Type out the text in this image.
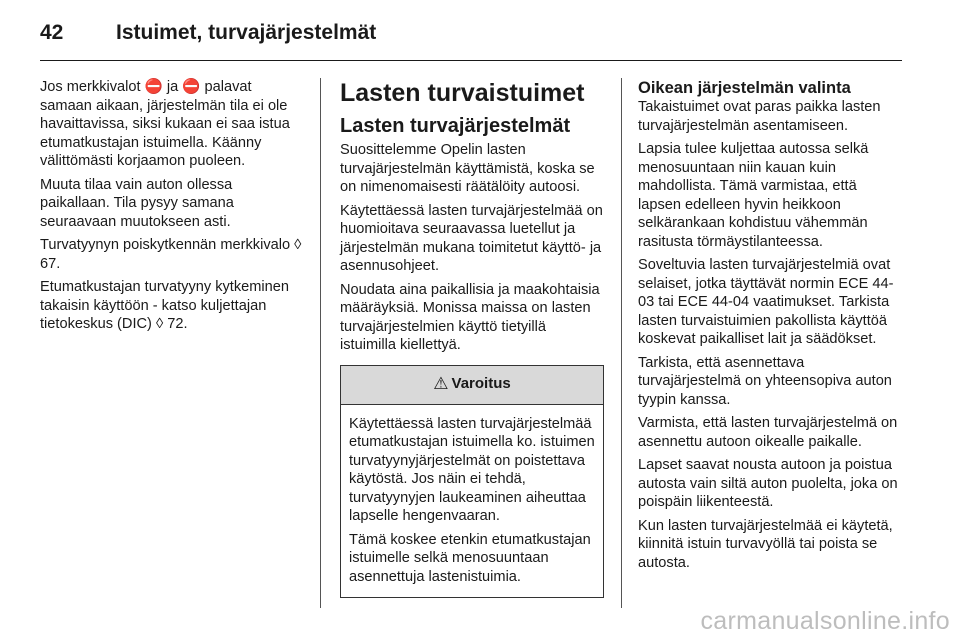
42	Istuimet, turvajärjestelmät

Jos merkkivalot ⛔ ja ⛔ palavat samaan aikaan, järjestelmän tila ei ole havaittavissa, siksi kukaan ei saa istua etumatkustajan istuimella. Käänny välittömästi korjaamon puoleen.

Muuta tilaa vain auton ollessa paikallaan. Tila pysyy samana seuraavaan muutokseen asti.

Turvatyynyn poiskytkennän merkkivalo ◊ 67.

Etumatkustajan turvatyyny kytkeminen takaisin käyttöön - katso kuljettajan tietokeskus (DIC) ◊ 72.

Lasten turvaistuimet
Lasten turvajärjestelmät

Suosittelemme Opelin lasten turvajärjestelmän käyttämistä, koska se on nimenomaisesti räätälöity autoosi.

Käytettäessä lasten turvajärjestelmää on huomioitava seuraavassa luetellut ja järjestelmän mukana toimitetut käyttö- ja asennusohjeet.

Noudata aina paikallisia ja maakohtaisia määräyksiä. Monissa maissa on lasten turvajärjestelmien käyttö tietyillä istuimilla kiellettyä.

⚠ Varoitus

Käytettäessä lasten turvajärjestelmää etumatkustajan istuimella ko. istuimen turvatyynyjärjestelmät on poistettava käytöstä. Jos näin ei tehdä, turvatyynyjen laukeaminen aiheuttaa lapselle hengenvaaran.

Tämä koskee etenkin etumatkustajan istuimelle selkä menosuuntaan asennettuja lastenistuimia.

Oikean järjestelmän valinta

Takaistuimet ovat paras paikka lasten turvajärjestelmän asentamiseen.

Lapsia tulee kuljettaa autossa selkä menosuuntaan niin kauan kuin mahdollista. Tämä varmistaa, että lapsen edelleen hyvin heikkoon selkärankaan kohdistuu vähemmän rasitusta törmäystilanteessa.

Soveltuvia lasten turvajärjestelmiä ovat selaiset, jotka täyttävät normin ECE 44-03 tai ECE 44-04 vaatimukset. Tarkista lasten turvaistuimien pakollista käyttöä koskevat paikalliset lait ja säädökset.

Tarkista, että asennettava turvajärjestelmä on yhteensopiva auton tyypin kanssa.

Varmista, että lasten turvajärjestelmä on asennettu autoon oikealle paikalle.

Lapset saavat nousta autoon ja poistua autosta vain siltä auton puolelta, joka on poispäin liikenteestä.

Kun lasten turvajärjestelmää ei käytetä, kiinnitä istuin turvavyöllä tai poista se autosta.

carmanualsonline.info
